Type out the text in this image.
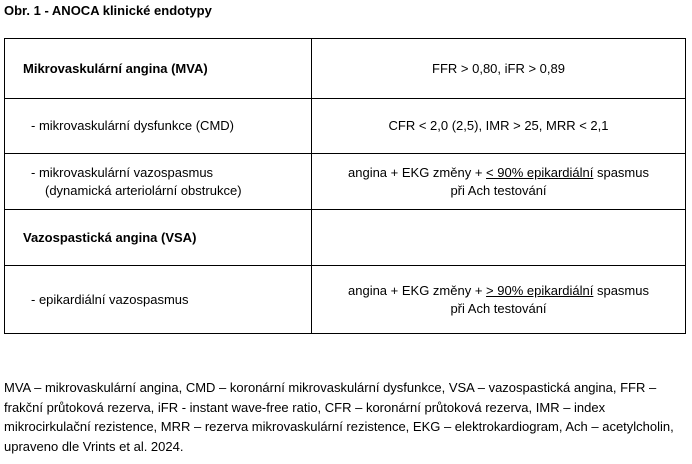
Obr. 1 - ANOCA klinické endotypy
Mikrovaskulární angina (MVA)	FFR > 0,80, iFR > 0,89
- mikrovaskulární dysfunkce (CMD)	CFR < 2,0 (2,5), IMR > 25, MRR < 2,1
- mikrovaskulární vazospasmus
(dynamická arteriolární obstrukce)	angina + EKG změny + < 90% epikardiální spasmus
při Ach testování
Vazospastická angina (VSA)	
- epikardiální vazospasmus	angina + EKG změny + > 90% epikardiální spasmus
při Ach testování
MVA – mikrovaskulární angina, CMD – koronární mikrovaskulární dysfunkce, VSA – vazospastická angina, FFR – frakční průtoková rezerva, iFR - instant wave-free ratio, CFR – koronární průtoková rezerva, IMR – index mikrocirkulační rezistence, MRR – rezerva mikrovaskulární rezistence, EKG – elektrokardiogram, Ach – acetylcholin, upraveno dle Vrints et al. 2024.
